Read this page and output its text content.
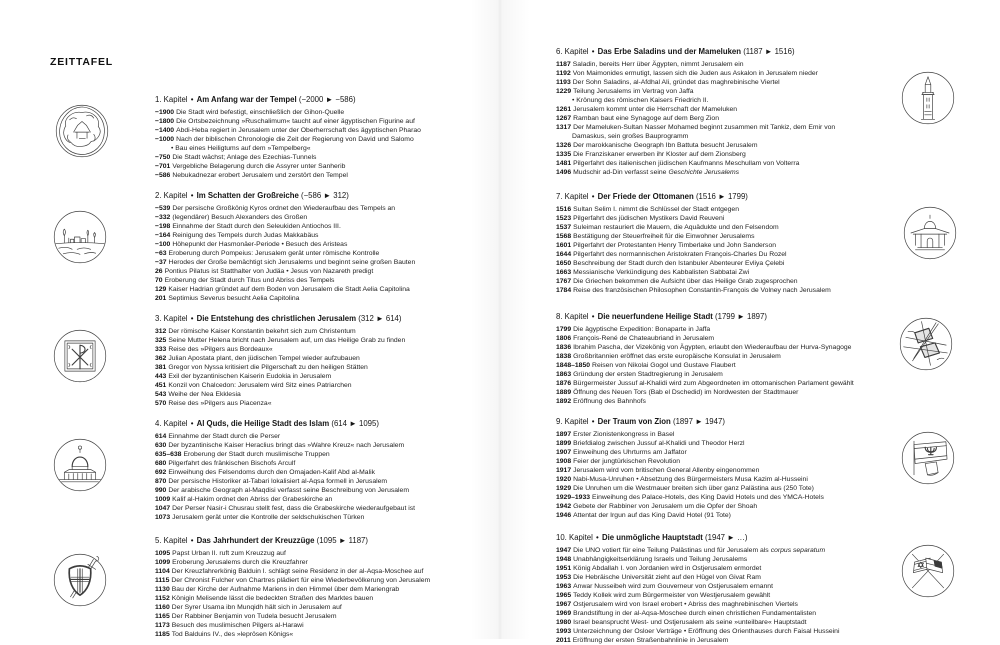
ZEITTAFEL
1. Kapitel • Am Anfang war der Tempel (−2000 ► −586)
−1900 Die Stadt wird befestigt, einschließlich der Gihon-Quelle
−1800 Die Ortsbezeichnung »Ruschalimum« taucht auf einer ägyptischen Figurine auf
−1400 Abdi-Heba regiert in Jerusalem unter der Oberherrschaft des ägyptischen Pharao
−1000 Nach der biblischen Chronologie die Zeit der Regierung von David und Salomo
• Bau eines Heiligtums auf dem »Tempelberg«
−750 Die Stadt wächst; Anlage des Ezechias-Tunnels
−701 Vergebliche Belagerung durch die Assyrer unter Sanherib
−586 Nebukadnezar erobert Jerusalem und zerstört den Tempel
2. Kapitel • Im Schatten der Großreiche (−586 ► 312)
−539 Der persische Großkönig Kyros ordnet den Wiederaufbau des Tempels an
−332 (legendärer) Besuch Alexanders des Großen
−198 Einnahme der Stadt durch den Seleukiden Antiochos III.
−164 Reinigung des Tempels durch Judas Makkabäus
−100 Höhepunkt der Hasmonäer-Periode • Besuch des Aristeas
−63 Eroberung durch Pompeius: Jerusalem gerät unter römische Kontrolle
−37 Herodes der Große bemächtigt sich Jerusalems und beginnt seine großen Bauten
26 Pontius Pilatus ist Statthalter von Judäa • Jesus von Nazareth predigt
70 Eroberung der Stadt durch Titus und Abriss des Tempels
129 Kaiser Hadrian gründet auf dem Boden von Jerusalem die Stadt Aelia Capitolina
201 Septimius Severus besucht Aelia Capitolina
3. Kapitel • Die Entstehung des christlichen Jerusalem (312 ► 614)
312 Der römische Kaiser Konstantin bekehrt sich zum Christentum
325 Seine Mutter Helena bricht nach Jerusalem auf, um das Heilige Grab zu finden
333 Reise des »Pilgers aus Bordeaux«
362 Julian Apostata plant, den jüdischen Tempel wieder aufzubauen
381 Gregor von Nyssa kritisiert die Pilgerschaft zu den heiligen Stätten
443 Exil der byzantinischen Kaiserin Eudokia in Jerusalem
451 Konzil von Chalcedon: Jerusalem wird Sitz eines Patriarchen
543 Weihe der Nea Ekklesia
570 Reise des »Pilgers aus Piacenza«
4. Kapitel • Al Quds, die Heilige Stadt des Islam (614 ► 1095)
614 Einnahme der Stadt durch die Perser
630 Der byzantinische Kaiser Heraclius bringt das »Wahre Kreuz« nach Jerusalem
635–638 Eroberung der Stadt durch muslimische Truppen
680 Pilgerfahrt des fränkischen Bischofs Arculf
692 Einweihung des Felsendoms durch den Omajaden-Kalif Abd al-Malik
870 Der persische Historiker at-Tabari lokalisiert al-Aqsa formell in Jerusalem
990 Der arabische Geograph al-Maqdisi verfasst seine Beschreibung von Jerusalem
1009 Kalif al-Hakim ordnet den Abriss der Grabeskirche an
1047 Der Perser Nasir-i Chusrau stellt fest, dass die Grabeskirche wiederaufgebaut ist
1073 Jerusalem gerät unter die Kontrolle der seldschukischen Türken
5. Kapitel • Das Jahrhundert der Kreuzzüge (1095 ► 1187)
1095 Papst Urban II. ruft zum Kreuzzug auf
1099 Eroberung Jerusalems durch die Kreuzfahrer
1104 Der Kreuzfahrerkönig Balduin I. schlägt seine Residenz in der al-Aqsa-Moschee auf
1115 Der Chronist Fulcher von Chartres plädiert für eine Wiederbevölkerung von Jerusalem
1130 Bau der Kirche der Aufnahme Mariens in den Himmel über dem Mariengrab
1152 Königin Melisende lässt die bedeckten Straßen des Marktes bauen
1160 Der Syrer Usama ibn Munqidh hält sich in Jerusalem auf
1165 Der Rabbiner Benjamin von Tudela besucht Jerusalem
1173 Besuch des muslimischen Pilgers al-Harawi
1185 Tod Balduins IV., des »leprösen Königs«
6. Kapitel • Das Erbe Saladins und der Mameluken (1187 ► 1516)
1187 Saladin, bereits Herr über Ägypten, nimmt Jerusalem ein
1192 Von Maimonides ermutigt, lassen sich die Juden aus Askalon in Jerusalem nieder
1193 Der Sohn Saladins, al-Afdhal Ali, gründet das maghrebinische Viertel
1229 Teilung Jerusalems im Vertrag von Jaffa
• Krönung des römischen Kaisers Friedrich II.
1261 Jerusalem kommt unter die Herrschaft der Mameluken
1267 Ramban baut eine Synagoge auf dem Berg Zion
1317 Der Mameluken-Sultan Nasser Mohamed beginnt zusammen mit Tankiz, dem Emir von
Damaskus, sein großes Bauprogramm
1326 Der marokkanische Geograph Ibn Battuta besucht Jerusalem
1335 Die Franziskaner erwerben ihr Kloster auf dem Zionsberg
1481 Pilgerfahrt des italienischen jüdischen Kaufmanns Meschullam von Volterra
1496 Mudschir ad-Din verfasst seine Geschichte Jerusalems
7. Kapitel • Der Friede der Ottomanen (1516 ► 1799)
1516 Sultan Selim I. nimmt die Schlüssel der Stadt entgegen
1523 Pilgerfahrt des jüdischen Mystikers David Reuveni
1537 Suleiman restauriert die Mauern, die Aquädukte und den Felsendom
1568 Bestätigung der Steuerfreiheit für die Einwohner Jerusalems
1601 Pilgerfahrt der Protestanten Henry Timberlake und John Sanderson
1644 Pilgerfahrt des normannischen Aristokraten François-Charles Du Rozel
1650 Beschreibung der Stadt durch den Istanbuler Abenteurer Evliya Çelebi
1663 Messianische Verkündigung des Kabbalisten Sabbatai Zwi
1767 Die Griechen bekommen die Aufsicht über das Heilige Grab zugesprochen
1784 Reise des französischen Philosophen Constantin-François de Volney nach Jerusalem
8. Kapitel • Die neuerfundene Heilige Stadt (1799 ► 1897)
1799 Die ägyptische Expedition: Bonaparte in Jaffa
1806 François-René de Chateaubriand in Jerusalem
1836 Ibrahim Pascha, der Vizekönig von Ägypten, erlaubt den Wiederaufbau der Hurva-Synagoge
1838 Großbritannien eröffnet das erste europäische Konsulat in Jerusalem
1848–1850 Reisen von Nikolai Gogol und Gustave Flaubert
1863 Gründung der ersten Stadtregierung in Jerusalem
1876 Bürgermeister Jussuf al-Khalidi wird zum Abgeordneten im ottomanischen Parlament gewählt
1889 Öffnung des Neuen Tors (Bab el Dschedid) im Nordwesten der Stadtmauer
1892 Eröffnung des Bahnhofs
9. Kapitel • Der Traum von Zion (1897 ► 1947)
1897 Erster Zionistenkongress in Basel
1899 Briefdialog zwischen Jussuf al-Khalidi und Theodor Herzl
1907 Einweihung des Uhrturms am Jaffator
1908 Feier der jungtürkischen Revolution
1917 Jerusalem wird vom britischen General Allenby eingenommen
1920 Nabi-Musa-Unruhen • Absetzung des Bürgermeisters Musa Kazim al-Husseini
1929 Die Unruhen um die Westmauer breiten sich über ganz Palästina aus (250 Tote)
1929–1933 Einweihung des Palace-Hotels, des King David Hotels und des YMCA-Hotels
1942 Gebete der Rabbiner von Jerusalem um die Opfer der Shoah
1946 Attentat der Irgun auf das King David Hotel (91 Tote)
10. Kapitel • Die unmögliche Hauptstadt (1947 ► …)
1947 Die UNO votiert für eine Teilung Palästinas und für Jerusalem als corpus separatum
1948 Unabhängigkeitserklärung Israels und Teilung Jerusalems
1951 König Abdallah I. von Jordanien wird in Ostjerusalem ermordet
1953 Die Hebräische Universität zieht auf den Hügel von Givat Ram
1963 Anwar Nusseibeh wird zum Gouverneur von Ostjerusalem ernannt
1965 Teddy Kollek wird zum Bürgermeister von Westjerusalem gewählt
1967 Ostjerusalem wird von Israel erobert • Abriss des maghrebinischen Viertels
1969 Brandstiftung in der al-Aqsa-Moschee durch einen christlichen Fundamentalisten
1980 Israel beansprucht West- und Ostjerusalem als seine »unteilbare« Hauptstadt
1993 Unterzeichnung der Osloer Verträge • Eröffnung des Orienthauses durch Faisal Husseini
2011 Eröffnung der ersten Straßenbahnlinie in Jerusalem
